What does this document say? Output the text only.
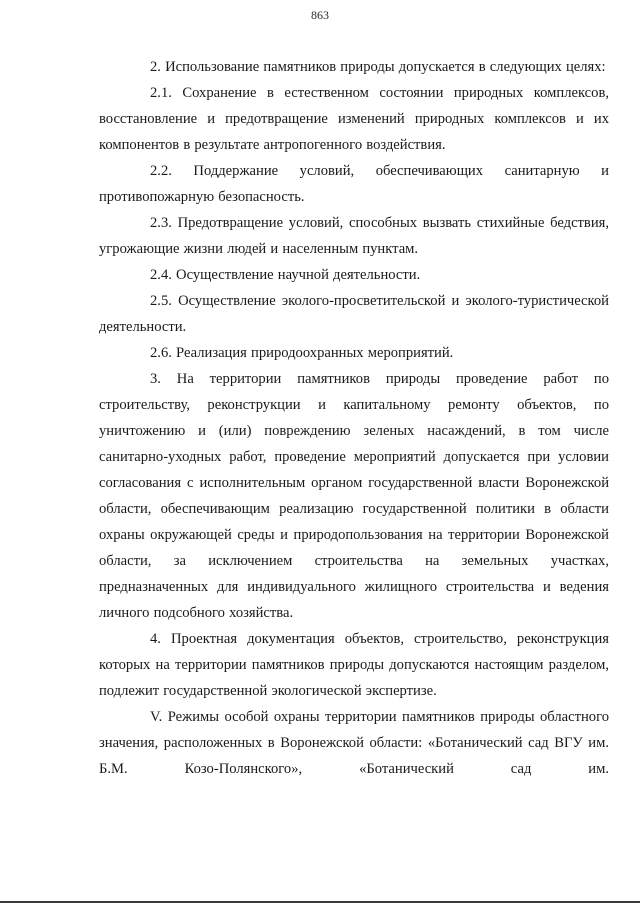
863

2. Использование памятников природы допускается в следующих целях:

2.1. Сохранение в естественном состоянии природных комплексов, восстановление и предотвращение изменений природных комплексов и их компонентов в результате антропогенного воздействия.

2.2. Поддержание условий, обеспечивающих санитарную и противопожарную безопасность.

2.3. Предотвращение условий, способных вызвать стихийные бедствия, угрожающие жизни людей и населенным пунктам.

2.4. Осуществление научной деятельности.

2.5. Осуществление эколого-просветительской и эколого-туристической деятельности.

2.6. Реализация природоохранных мероприятий.

3. На территории памятников природы проведение работ по строительству, реконструкции и капитальному ремонту объектов, по уничтожению и (или) повреждению зеленых насаждений, в том числе санитарно-уходных работ, проведение мероприятий допускается при условии согласования с исполнительным органом государственной власти Воронежской области, обеспечивающим реализацию государственной политики в области охраны окружающей среды и природопользования на территории Воронежской области, за исключением строительства на земельных участках, предназначенных для индивидуального жилищного строительства и ведения личного подсобного хозяйства.

4. Проектная документация объектов, строительство, реконструкция которых на территории памятников природы допускаются настоящим разделом, подлежит государственной экологической экспертизе.

V. Режимы особой охраны территории памятников природы областного значения, расположенных в Воронежской области: «Ботанический сад ВГУ им. Б.М. Козо-Полянского», «Ботанический сад им.
